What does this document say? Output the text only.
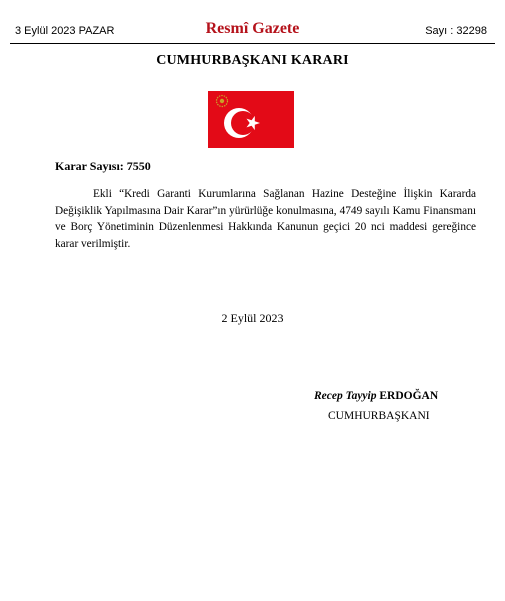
3 Eylül 2023 PAZAR	Resmî Gazete	Sayı : 32298
CUMHURBAŞKANI KARARI
Karar Sayısı: 7550
Ekli “Kredi Garanti Kurumlarına Sağlanan Hazine Desteğine İlişkin Kararda Değişiklik Yapılmasına Dair Karar”ın yürürlüğe konulmasına, 4749 sayılı Kamu Finansmanı ve Borç Yönetiminin Düzenlenmesi Hakkında Kanunun geçici 20 nci maddesi gereğince karar verilmiştir.
2 Eylül 2023
Recep Tayyip ERDOĞAN
CUMHURBAŞKANI
